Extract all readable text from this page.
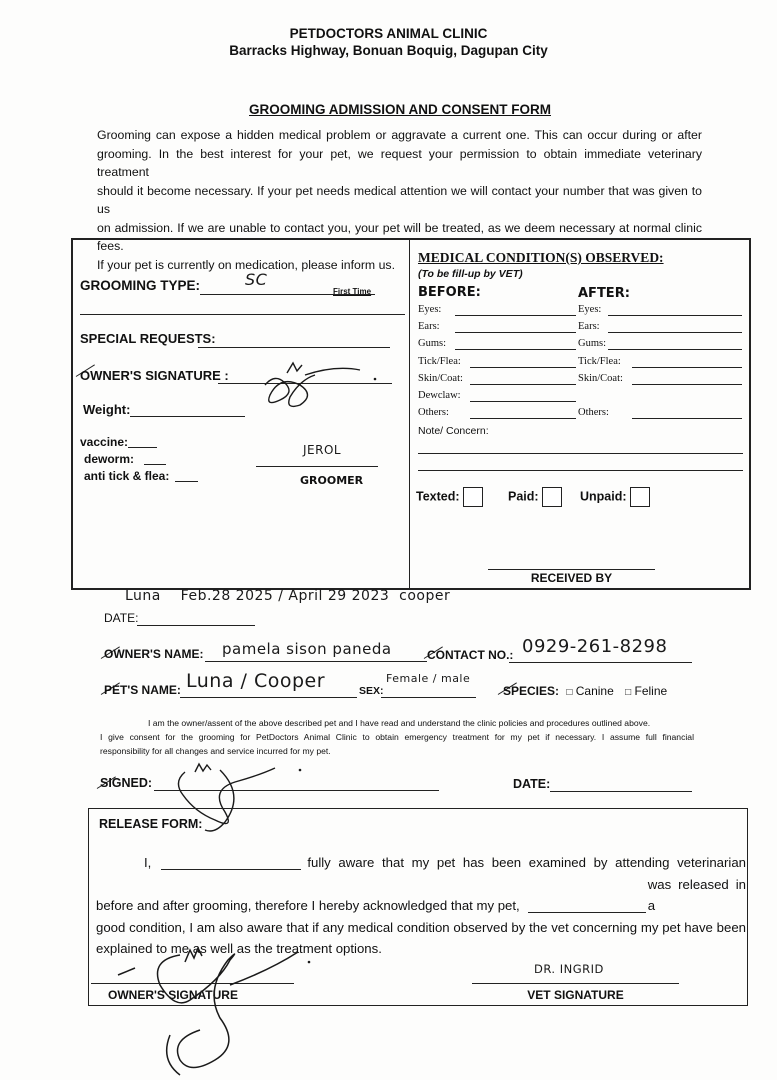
PETDOCTORS ANIMAL CLINIC
Barracks Highway, Bonuan Boquig, Dagupan City
GROOMING ADMISSION AND CONSENT FORM
Grooming can expose a hidden medical problem or aggravate a current one. This can occur during or after
grooming. In the best interest for your pet, we request your permission to obtain immediate veterinary treatment
should it become necessary. If your pet needs medical attention we will contact your number that was given to us
on admission. If we are unable to contact you, your pet will be treated, as we deem necessary at normal clinic fees.
If your pet is currently on medication, please inform us.
GROOMING TYPE:	SC
First Time
SPECIAL REQUESTS:
OWNER'S SIGNATURE :
Weight:
vaccine:
deworm:
anti tick & flea:
JEROL
GROOMER
MEDICAL CONDITION(S) OBSERVED:
(To be fill-up by VET)
BEFORE:	AFTER:
Eyes:	Eyes:
Ears:	Ears:
Gums:	Gums:
Tick/Flea:	Tick/Flea:
Skin/Coat:	Skin/Coat:
Dewclaw:
Others:	Others:
Note/ Concern:
Texted:	Paid:	Unpaid:
RECEIVED BY
Luna    Feb.28 2025 / April 29 2023  cooper
DATE:
OWNER'S NAME: pamela sison paneda	CONTACT NO.: 0929-261-8298
PET'S NAME: Luna / Cooper	SEX:
Female / male
SPECIES: □ Canine □ Feline
I am the owner/assent of the above described pet and I have read and understand the clinic policies and procedures outlined above.
I give consent for the grooming for PetDoctors Animal Clinic to obtain emergency treatment for my pet if necessary. I assume full financial
responsibility for all changes and service incurred for my pet.
SIGNED:	DATE:
RELEASE FORM:
I,	fully aware that my pet has been examined by attending veterinarian
before and after grooming, therefore I hereby acknowledged that my pet,
was released in a
good condition, I am also aware that if any medical condition observed by the vet concerning my pet have been
explained to me as well as the treatment options.
OWNER'S SIGNATURE
DR. INGRID
VET SIGNATURE
